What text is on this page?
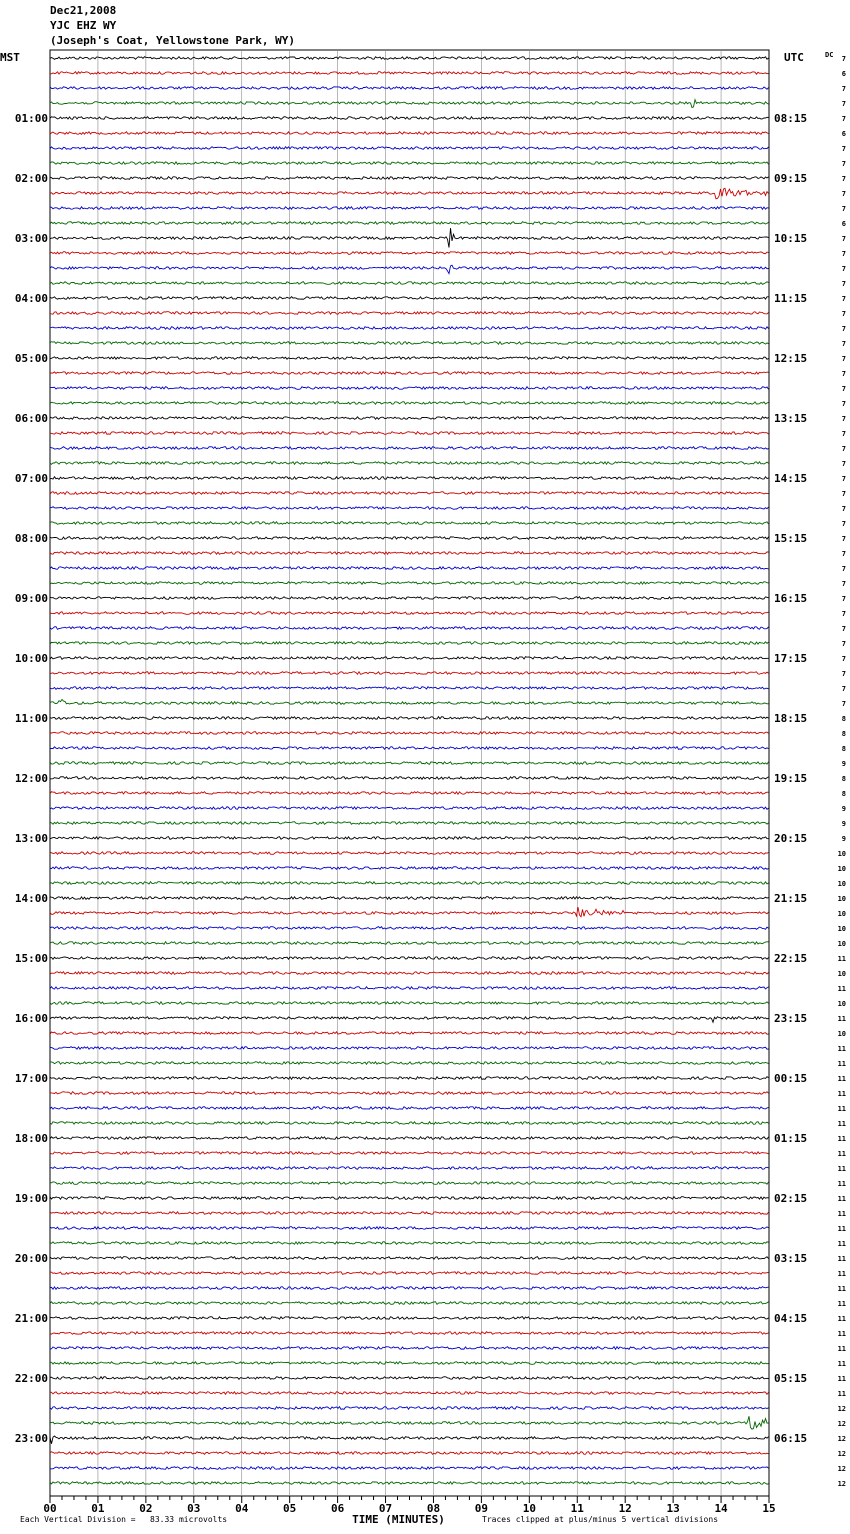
7
6
7
7
7
6
7
7
7
7
7
6
7
7
7
7
7
7
7
7
7
7
7
7
7
7
7
7
7
7
7
7
7
7
7
7
7
7
7
7
7
7
7
7
8
8
8
9
8
8
9
9
9
10
10
10
10
10
10
10
11
10
11
10
11
10
11
11
11
11
11
11
11
11
11
11
11
11
11
11
11
11
11
11
11
11
11
11
11
11
12
12
12
12
12
12
MST	UTC	DC
01:00
02:00
03:00
04:00
05:00
06:00
07:00
08:00
09:00
10:00
11:00
12:00
13:00
14:00
15:00
16:00
17:00
18:00
19:00
20:00
21:00
22:00
23:00
08:15
09:15
10:15
11:15
12:15
13:15
14:15
15:15
16:15
17:15
18:15
19:15
20:15
21:15
22:15
23:15
00:15
01:15
02:15
03:15
04:15
05:15
06:15
00	01	02	03	04	05	06	07	08	09	10	11	12	13	14	15
TIME (MINUTES)
Dec21,2008
YJC EHZ WY
(Joseph's Coat, Yellowstone Park, WY)
Each Vertical Division =   83.33 microvolts	Traces clipped at plus/minus 5 vertical divisions
